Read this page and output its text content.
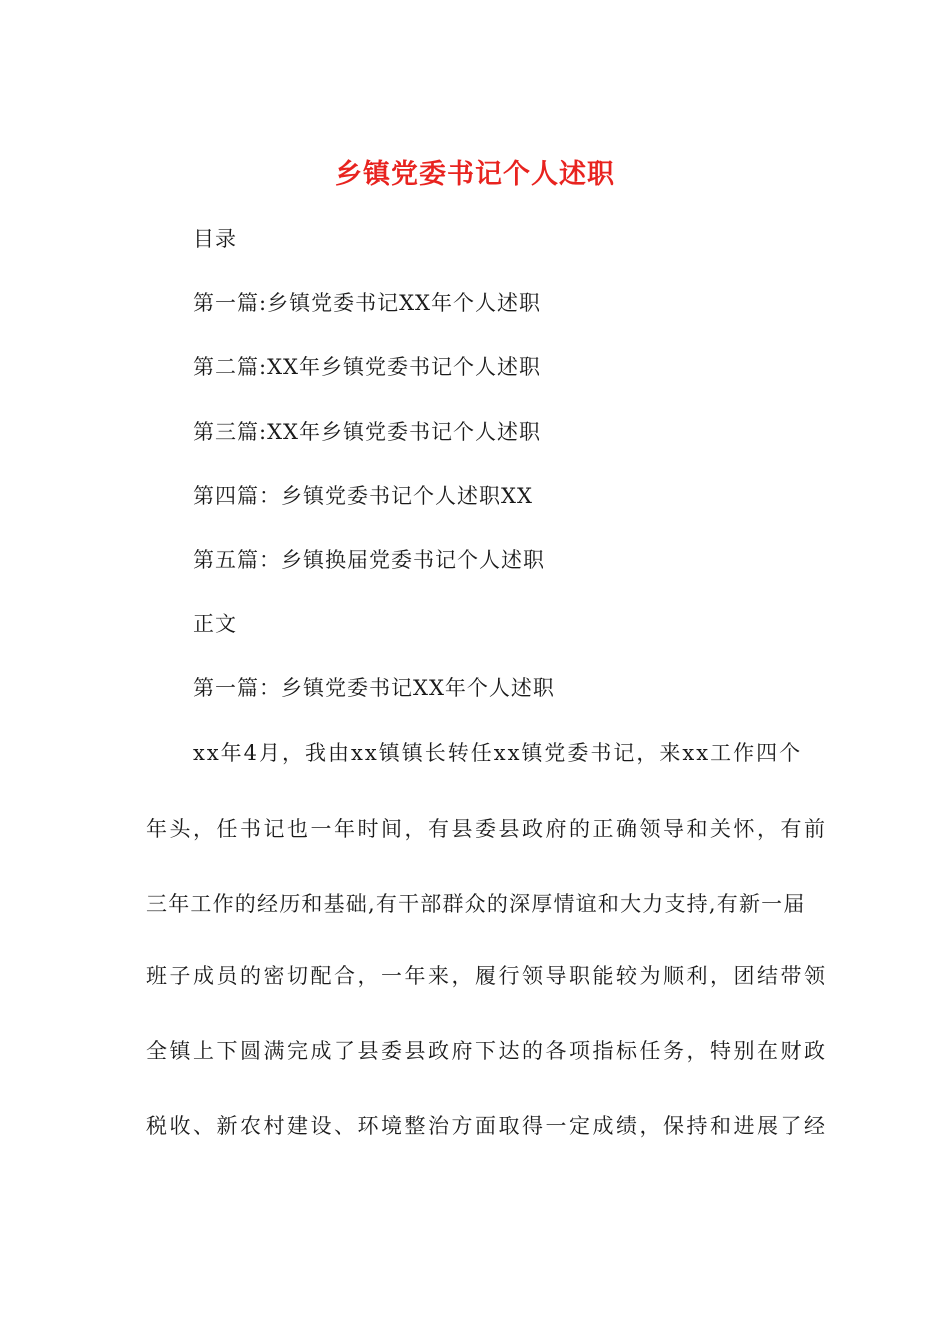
乡镇党委书记个人述职
目录
第一篇:乡镇党委书记XX年个人述职
第二篇:XX年乡镇党委书记个人述职
第三篇:XX年乡镇党委书记个人述职
第四篇：乡镇党委书记个人述职XX
第五篇：乡镇换届党委书记个人述职
正文
第一篇：乡镇党委书记XX年个人述职
xx年4月，我由xx镇镇长转任xx镇党委书记，来xx工作四个
年头，任书记也一年时间，有县委县政府的正确领导和关怀，有前
三年工作的经历和基础,有干部群众的深厚情谊和大力支持,有新一届
班子成员的密切配合，一年来，履行领导职能较为顺利，团结带领
全镇上下圆满完成了县委县政府下达的各项指标任务，特别在财政
税收、新农村建设、环境整治方面取得一定成绩，保持和进展了经
